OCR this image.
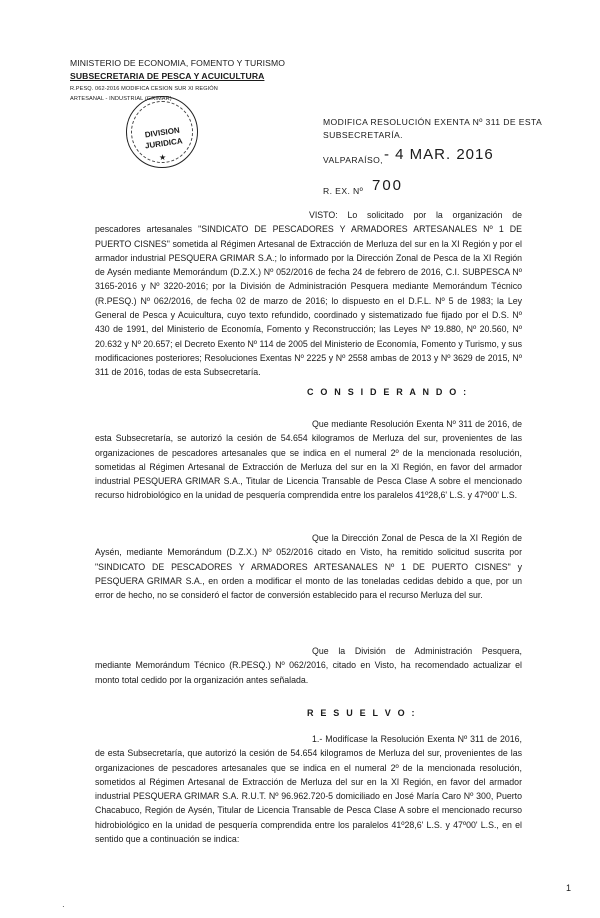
MINISTERIO DE ECONOMIA, FOMENTO Y TURISMO
SUBSECRETARIA DE PESCA Y ACUICULTURA
R.PESQ. 062-2016 MODIFICA CESION SUR XI REGIÓN
ARTESANAL - INDUSTRIAL (GRIMAR)
DIVISION
JURIDICA
★
MODIFICA RESOLUCIÓN EXENTA Nº 311 DE ESTA
SUBSECRETARÍA.
VALPARAÍSO, - 4 MAR. 2016
R. EX. Nº 700

VISTO: Lo solicitado por la organización de pescadores artesanales "SINDICATO DE PESCADORES Y ARMADORES ARTESANALES Nº 1 DE PUERTO CISNES" sometida al Régimen Artesanal de Extracción de Merluza del sur en la XI Región y por el armador industrial PESQUERA GRIMAR S.A.; lo informado por la Dirección Zonal de Pesca de la XI Región de Aysén mediante Memorándum (D.Z.X.) Nº 052/2016 de fecha 24 de febrero de 2016, C.I. SUBPESCA Nº 3165-2016 y Nº 3220-2016; por la División de Administración Pesquera mediante Memorándum Técnico (R.PESQ.) Nº 062/2016, de fecha 02 de marzo de 2016; lo dispuesto en el D.F.L. Nº 5 de 1983; la Ley General de Pesca y Acuicultura, cuyo texto refundido, coordinado y sistematizado fue fijado por el D.S. Nº 430 de 1991, del Ministerio de Economía, Fomento y Reconstrucción; las Leyes Nº 19.880, Nº 20.560, Nº 20.632 y Nº 20.657; el Decreto Exento Nº 114 de 2005 del Ministerio de Economía, Fomento y Turismo, y sus modificaciones posteriores; Resoluciones Exentas Nº 2225 y Nº 2558 ambas de 2013 y Nº 3629 de 2015, Nº 311 de 2016, todas de esta Subsecretaría.

C O N S I D E R A N D O :

Que mediante Resolución Exenta Nº 311 de 2016, de esta Subsecretaría, se autorizó la cesión de 54.654 kilogramos de Merluza del sur, provenientes de las organizaciones de pescadores artesanales que se indica en el numeral 2º de la mencionada resolución, sometidas al Régimen Artesanal de Extracción de Merluza del sur en la XI Región, en favor del armador industrial PESQUERA GRIMAR S.A., Titular de Licencia Transable de Pesca Clase A sobre el mencionado recurso hidrobiológico en la unidad de pesquería comprendida entre los paralelos 41º28,6' L.S. y 47º00' L.S.

Que la Dirección Zonal de Pesca de la XI Región de Aysén, mediante Memorándum (D.Z.X.) Nº 052/2016 citado en Visto, ha remitido solicitud suscrita por "SINDICATO DE PESCADORES Y ARMADORES ARTESANALES Nº 1 DE PUERTO CISNES" y PESQUERA GRIMAR S.A., en orden a modificar el monto de las toneladas cedidas debido a que, por un error de hecho, no se consideró el factor de conversión establecido para el recurso Merluza del sur.

Que la División de Administración Pesquera, mediante Memorándum Técnico (R.PESQ.) Nº 062/2016, citado en Visto, ha recomendado actualizar el monto total cedido por la organización antes señalada.

R E S U E L V O :

1.- Modifícase la Resolución Exenta Nº 311 de 2016, de esta Subsecretaría, que autorizó la cesión de 54.654 kilogramos de Merluza del sur, provenientes de las organizaciones de pescadores artesanales que se indica en el numeral 2º de la mencionada resolución, sometidos al Régimen Artesanal de Extracción de Merluza del sur en la XI Región, en favor del armador industrial PESQUERA GRIMAR S.A. R.U.T. Nº 96.962.720-5 domiciliado en José María Caro Nº 300, Puerto Chacabuco, Región de Aysén, Titular de Licencia Transable de Pesca Clase A sobre el mencionado recurso hidrobiológico en la unidad de pesquería comprendida entre los paralelos 41º28,6' L.S. y 47º00' L.S., en el sentido que a continuación se indica:

1
·
